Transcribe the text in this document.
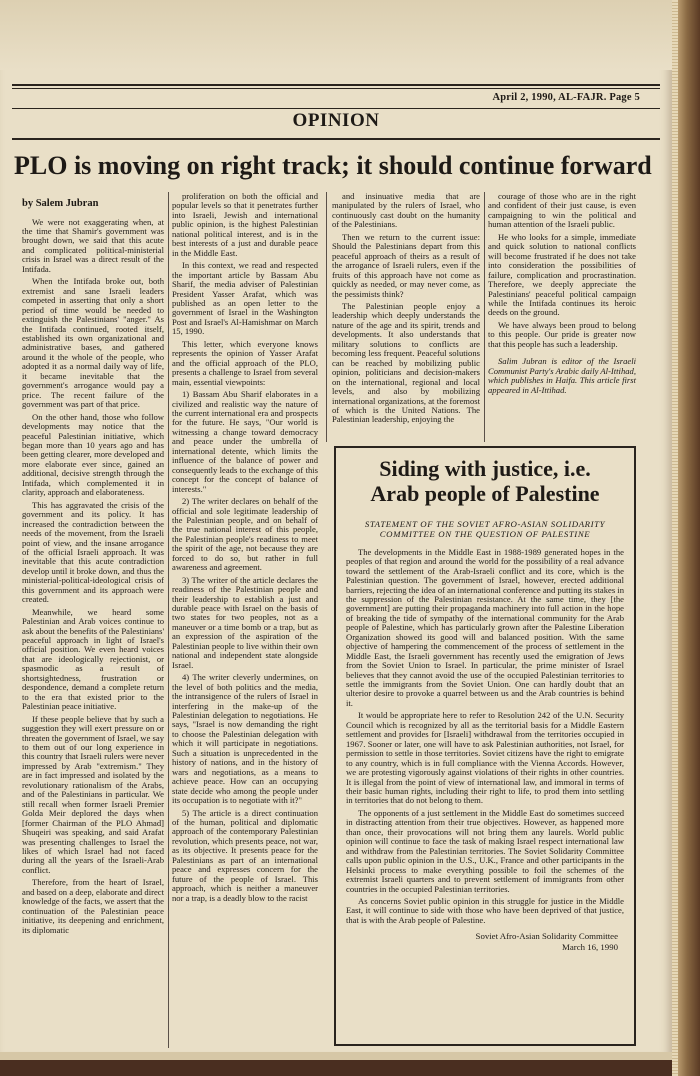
April 2, 1990, AL-FAJR. Page 5
OPINION
PLO is moving on right track; it should continue forward

by Salem Jubran

We were not exaggerating when, at the time that Shamir's government was brought down, we said that this acute and complicated political-ministerial crisis in Israel was a direct result of the Intifada.

When the Intifada broke out, both extremist and sane Israeli leaders competed in asserting that only a short period of time would be needed to extinguish the Palestinians' "anger." As the Intifada continued, rooted itself, established its own organizational and administrative bases, and gathered around it the whole of the people, who adopted it as a normal daily way of life, it became inevitable that the government's arrogance would pay a price. The recent failure of the government was part of that price.

On the other hand, those who follow developments may notice that the peaceful Palestinian initiative, which began more than 10 years ago and has been getting clearer, more developed and more elaborate ever since, gained an additional, decisive strength through the Intifada, which complemented it in clarity, approach and elaborateness.

This has aggravated the crisis of the government and its policy. It has increased the contradiction between the needs of the movement, from the Israeli point of view, and the insane arrogance of the official Israeli approach. It was inevitable that this acute contradiction develop until it broke down, and thus the ministerial-political-ideological crisis of this government and its approach were created.

Meanwhile, we heard some Palestinian and Arab voices continue to ask about the benefits of the Palestinians' peaceful approach in light of Israel's official position. We even heard voices that are ideologically rejectionist, or spasmodic as a result of shortsightedness, frustration or despondence, demand a complete return to the era that existed prior to the Palestinian peace initiative.

If these people believe that by such a suggestion they will exert pressure on or threaten the government of Israel, we say to them out of our long experience in this country that Israeli rulers were never impressed by Arab "extremism." They are in fact impressed and isolated by the revolutionary rationalism of the Arabs, and of the Palestinians in particular. We still recall when former Israeli Premier Golda Meir deplored the days when [former Chairman of the PLO Ahmad] Shuqeiri was speaking, and said Arafat was presenting challenges to Israel the likes of which Israel had not faced during all the years of the Israeli-Arab conflict.

Therefore, from the heart of Israel, and based on a deep, elaborate and direct knowledge of the facts, we assert that the continuation of the Palestinian peace initiative, its deepening and enrichment, its diplomatic

proliferation on both the official and popular levels so that it penetrates further into Israeli, Jewish and international public opinion, is the highest Palestinian national political interest, and is in the best interests of a just and durable peace in the Middle East.

In this context, we read and respected the important article by Bassam Abu Sharif, the media adviser of Palestinian President Yasser Arafat, which was published as an open letter to the government of Israel in the Washington Post and Israel's Al-Hamishmar on March 15, 1990.

This letter, which everyone knows represents the opinion of Yasser Arafat and the official approach of the PLO, presents a challenge to Israel from several main, essential viewpoints:

1) Bassam Abu Sharif elaborates in a civilized and realistic way the nature of the current international era and prospects for the future. He says, "Our world is witnessing a change toward democracy and peace under the umbrella of international detente, which limits the influence of the balance of power and consequently leads to the exchange of this concept for the concept of balance of interests."

2) The writer declares on behalf of the official and sole legitimate leadership of the Palestinian people, and on behalf of the true national interest of this people, the Palestinian people's readiness to meet the spirit of the age, not because they are forced to do so, but rather in full awareness and agreement.

3) The writer of the article declares the readiness of the Palestinian people and their leadership to establish a just and durable peace with Israel on the basis of two states for two peoples, not as a maneuver or a time bomb or a trap, but as an expression of the aspiration of the Palestinian people to live within their own national and independent state alongside Israel.

4) The writer cleverly undermines, on the level of both politics and the media, the intransigence of the rulers of Israel in interfering in the make-up of the Palestinian delegation to negotiations. He says, "Israel is now demanding the right to choose the Palestinian delegation with which it will participate in negotiations. Such a situation is unprecedented in the history of nations, and in the history of wars and negotiations, as a means to achieve peace. How can an occupying state decide who among the people under its occupation is to negotiate with it?"

5) The article is a direct continuation of the human, political and diplomatic approach of the contemporary Palestinian revolution, which presents peace, not war, as its objective. It presents peace for the Palestinians as part of an international peace and expresses concern for the future of the people of Israel. This approach, which is neither a maneuver nor a trap, is a deadly blow to the racist

and insinuative media that are manipulated by the rulers of Israel, who continuously cast doubt on the humanity of the Palestinians.

Then we return to the current issue: Should the Palestinians depart from this peaceful approach of theirs as a result of the arrogance of Israeli rulers, even if the fruits of this approach have not come as quickly as needed, or may never come, as the pessimists think?

The Palestinian people enjoy a leadership which deeply understands the nature of the age and its spirit, trends and developments. It also understands that military solutions to conflicts are becoming less frequent. Peaceful solutions can be reached by mobilizing public opinion, politicians and decision-makers on the international, regional and local levels, and also by mobilizing international organizations, at the foremost of which is the United Nations. The Palestinian leadership, enjoying the

courage of those who are in the right and confident of their just cause, is even campaigning to win the political and human attention of the Israeli public.

He who looks for a simple, immediate and quick solution to national conflicts will become frustrated if he does not take into consideration the possibilities of failure, complication and procrastination. Therefore, we deeply appreciate the Palestinians' peaceful political campaign while the Intifada continues its heroic deeds on the ground.

We have always been proud to belong to this people. Our pride is greater now that this people has such a leadership.

Salim Jubran is editor of the Israeli Communist Party's Arabic daily Al-Ittihad, which publishes in Haifa. This article first appeared in Al-Ittihad.

Siding with justice, i.e.
Arab people of Palestine
STATEMENT OF THE SOVIET AFRO-ASIAN SOLIDARITY COMMITTEE ON THE QUESTION OF PALESTINE

The developments in the Middle East in 1988-1989 generated hopes in the peoples of that region and around the world for the possibility of a real advance toward the settlement of the Arab-Israeli conflict and its core, which is the Palestinian question. The government of Israel, however, erected additional barriers, rejecting the idea of an international conference and putting its stakes in the suppression of the Palestinian resistance. At the same time, they [the government] are putting their propaganda machinery into full action in the hope of breaking the tide of sympathy of the international community for the Arab people of Palestine, which has particularly grown after the Palestine Liberation Organization showed its good will and balanced position. With the same objective of hampering the commencement of the process of settlement in the Middle East, the Israeli government has recently used the emigration of Jews from the Soviet Union to Israel. In particular, the prime minister of Israel believes that they cannot avoid the use of the occupied Palestinian territories to settle the immigrants from the Soviet Union. One can hardly doubt that an ulterior desire to provoke a quarrel between us and the Arab countries is behind it.

It would be appropriate here to refer to Resolution 242 of the U.N. Security Council which is recognized by all as the territorial basis for a Middle Eastern settlement and provides for [Israeli] withdrawal from the territories occupied in 1967. Sooner or later, one will have to ask Palestinian authorities, not Israel, for permission to settle in those territories. Soviet citizens have the right to emigrate to any country, which is in full compliance with the Vienna Accords. However, we are protesting vigorously against violations of their rights in other countries. It is illegal from the point of view of international law, and immoral in terms of their basic human rights, including their right to life, to prod them into settling in territories that do not belong to them.

The opponents of a just settlement in the Middle East do sometimes succeed in distracting attention from their true objectives. However, as happened more than once, their provocations will not bring them any laurels. World public opinion will continue to face the task of making Israel respect international law and withdraw from the Palestinian territories. The Soviet Solidarity Committee calls upon public opinion in the U.S., U.K., France and other participants in the Helsinki process to make everything possible to foil the schemes of the extremist Israeli quarters and to prevent settlement of immigrants from other countries in the occupied Palestinian territories.

As concerns Soviet public opinion in this struggle for justice in the Middle East, it will continue to side with those who have been deprived of that justice, that is with the Arab people of Palestine.

Soviet Afro-Asian Solidarity Committee
March 16, 1990
